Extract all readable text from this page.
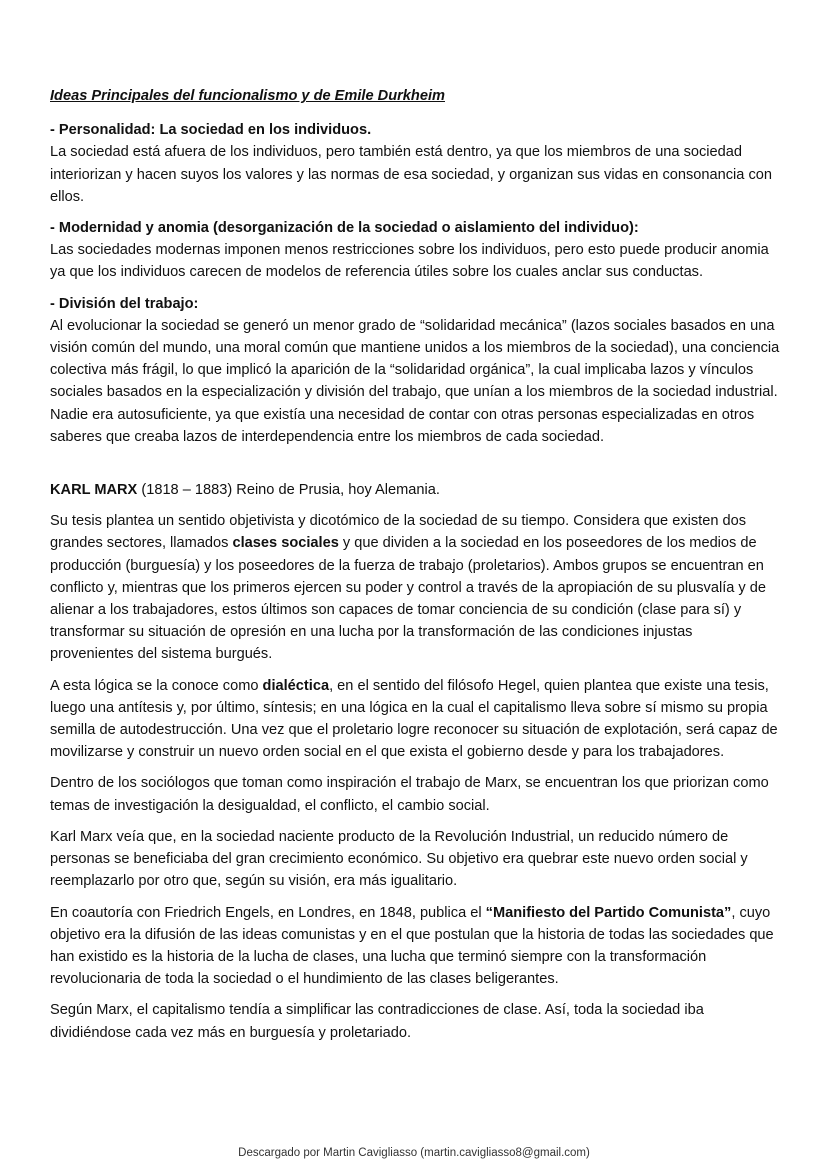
Ideas Principales del funcionalismo y de Emile Durkheim

- Personalidad: La sociedad en los individuos.

La sociedad está afuera de los individuos, pero también está dentro, ya que los miembros de una sociedad interiorizan y hacen suyos los valores y las normas de esa sociedad, y organizan sus vidas en consonancia con ellos.

- Modernidad y anomia (desorganización de la sociedad o aislamiento del individuo):

Las sociedades modernas imponen menos restricciones sobre los individuos, pero esto puede producir anomia ya que los individuos carecen de modelos de referencia útiles sobre los cuales anclar sus conductas.

- División del trabajo:

Al evolucionar la sociedad se generó un menor grado de “solidaridad mecánica” (lazos sociales basados en una visión común del mundo, una moral común que mantiene unidos a los miembros de la sociedad), una conciencia colectiva más frágil, lo que implicó la aparición de la “solidaridad orgánica”, la cual implicaba lazos y vínculos sociales basados en la especialización y división del trabajo, que unían a los miembros de la sociedad industrial. Nadie era autosuficiente, ya que existía una necesidad de contar con otras personas especializadas en otros saberes que creaba lazos de interdependencia entre los miembros de cada sociedad.

KARL MARX (1818 – 1883) Reino de Prusia, hoy Alemania.

Su tesis plantea un sentido objetivista y dicotómico de la sociedad de su tiempo. Considera que existen dos grandes sectores, llamados clases sociales y que dividen a la sociedad en los poseedores de los medios de producción (burguesía) y los poseedores de la fuerza de trabajo (proletarios). Ambos grupos se encuentran en conflicto y, mientras que los primeros ejercen su poder y control a través de la apropiación de su plusvalía y de alienar a los trabajadores, estos últimos son capaces de tomar conciencia de su condición (clase para sí) y transformar su situación de opresión en una lucha por la transformación de las condiciones injustas provenientes del sistema burgués.

A esta lógica se la conoce como dialéctica, en el sentido del filósofo Hegel, quien plantea que existe una tesis, luego una antítesis y, por último, síntesis; en una lógica en la cual el capitalismo lleva sobre sí mismo su propia semilla de autodestrucción. Una vez que el proletario logre reconocer su situación de explotación, será capaz de movilizarse y construir un nuevo orden social en el que exista el gobierno desde y para los trabajadores.

Dentro de los sociólogos que toman como inspiración el trabajo de Marx, se encuentran los que priorizan como temas de investigación la desigualdad, el conflicto, el cambio social.

Karl Marx veía que, en la sociedad naciente producto de la Revolución Industrial, un reducido número de personas se beneficiaba del gran crecimiento económico. Su objetivo era quebrar este nuevo orden social y reemplazarlo por otro que, según su visión, era más igualitario.

En coautoría con Friedrich Engels, en Londres, en 1848, publica el “Manifiesto del Partido Comunista”, cuyo objetivo era la difusión de las ideas comunistas y en el que postulan que la historia de todas las sociedades que han existido es la historia de la lucha de clases, una lucha que terminó siempre con la transformación revolucionaria de toda la sociedad o el hundimiento de las clases beligerantes.

Según Marx, el capitalismo tendía a simplificar las contradicciones de clase. Así, toda la sociedad iba dividiéndose cada vez más en burguesía y proletariado.

Descargado por Martin Cavigliasso (martin.cavigliasso8@gmail.com)
